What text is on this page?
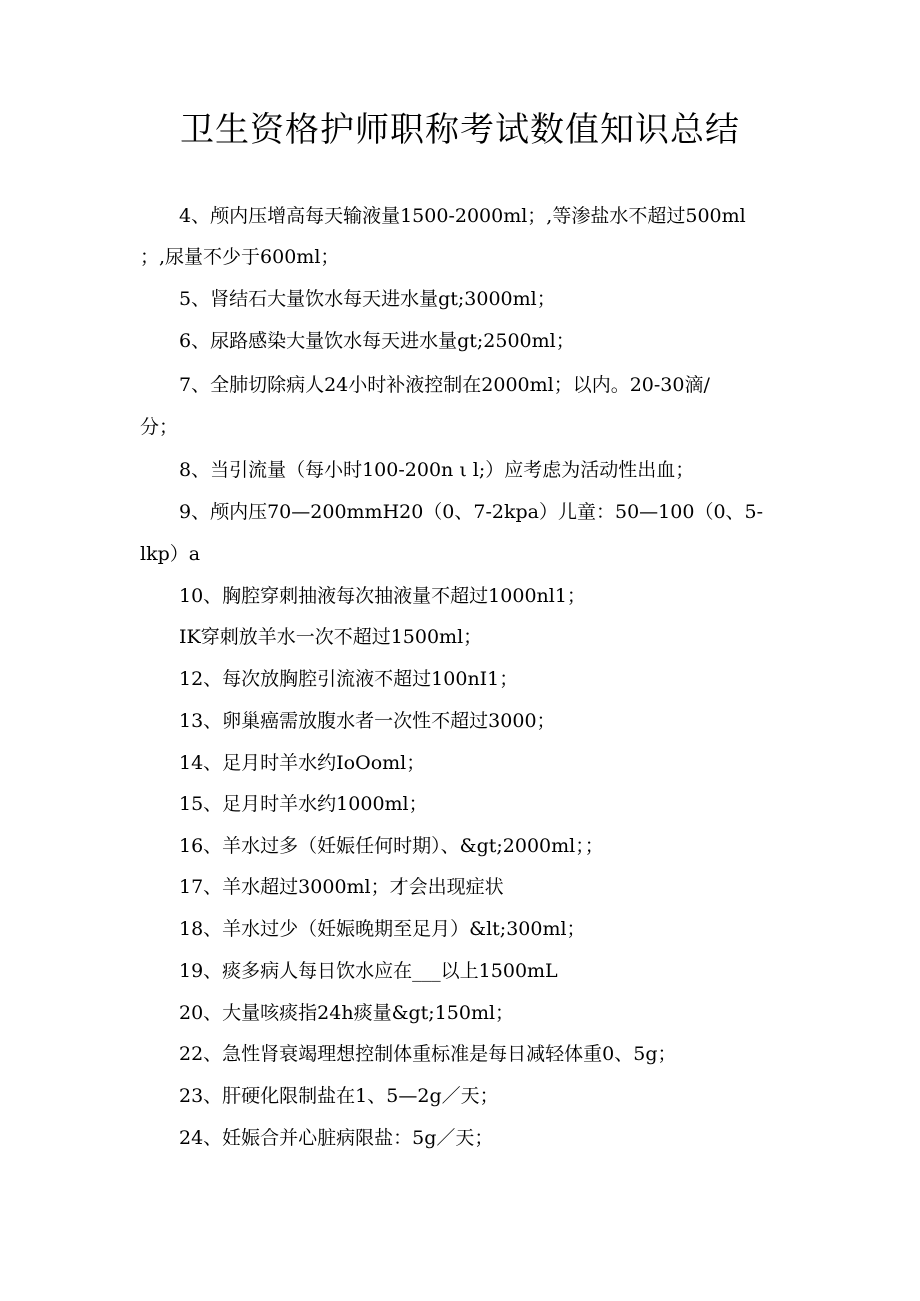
卫生资格护师职称考试数值知识总结

4、颅内压增高每天输液量1500-2000ml；,等渗盐水不超过500ml

；,尿量不少于600ml；

5、肾结石大量饮水每天进水量gt;3000ml；

6、尿路感染大量饮水每天进水量gt;2500ml；

7、全肺切除病人24小时补液控制在2000ml；以内。20-30滴/

分；

8、当引流量（每小时100-200n ι l;）应考虑为活动性出血；

9、颅内压70—200mmH20（0、7-2kpa）儿童：50—100（0、5-

lkp）a

10、胸腔穿刺抽液每次抽液量不超过1000nl1；

IK穿刺放羊水一次不超过1500ml；

12、每次放胸腔引流液不超过100nI1；

13、卵巢癌需放腹水者一次性不超过3000；

14、足月时羊水约IoOoml；

15、足月时羊水约1000ml；

16、羊水过多（妊娠任何时期）、&gt;2000ml；；

17、羊水超过3000ml；才会出现症状

18、羊水过少（妊娠晚期至足月）&lt;300ml；

19、痰多病人每日饮水应在___以上1500mL

20、大量咳痰指24h痰量&gt;150ml；

22、急性肾衰竭理想控制体重标准是每日减轻体重0、5g；

23、肝硬化限制盐在1、5—2g／天；

24、妊娠合并心脏病限盐：5g／天；
